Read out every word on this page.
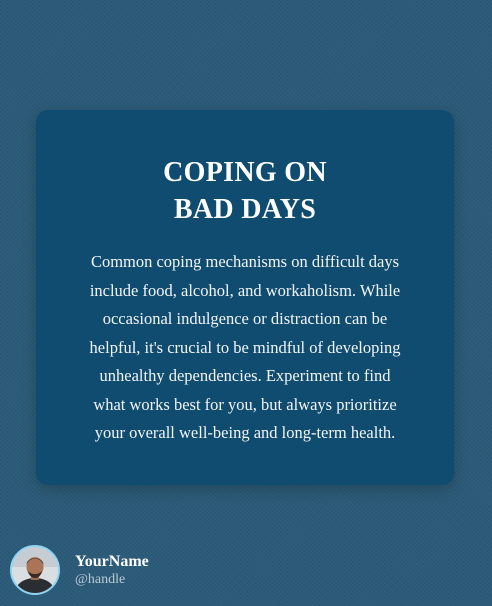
COPING ON
BAD DAYS

Common coping mechanisms on difficult days
include food, alcohol, and workaholism. While
occasional indulgence or distraction can be
helpful, it's crucial to be mindful of developing
unhealthy dependencies. Experiment to find
what works best for you, but always prioritize
your overall well-being and long-term health.

YourName
@handle
